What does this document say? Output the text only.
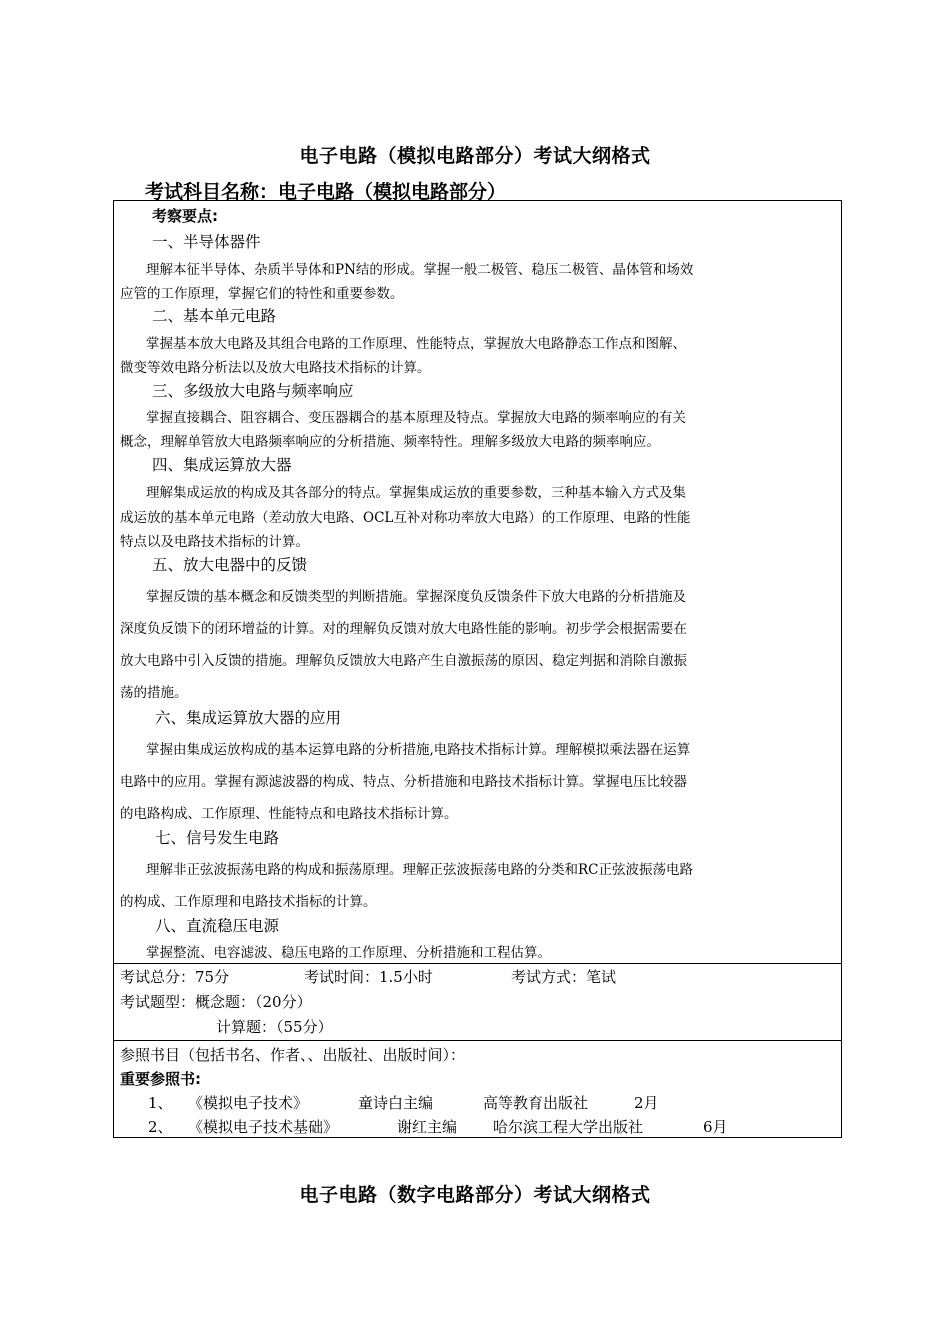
电子电路（模拟电路部分）考试大纲格式
考试科目名称：电子电路（模拟电路部分）
考察要点:
一、半导体器件
理解本征半导体、杂质半导体和PN结的形成。掌握一般二极管、稳压二极管、晶体管和场效
应管的工作原理，掌握它们的特性和重要参数。
二、基本单元电路
掌握基本放大电路及其组合电路的工作原理、性能特点，掌握放大电路静态工作点和图解、
微变等效电路分析法以及放大电路技术指标的计算。
三、多级放大电路与频率响应
掌握直接耦合、阻容耦合、变压器耦合的基本原理及特点。掌握放大电路的频率响应的有关
概念，理解单管放大电路频率响应的分析措施、频率特性。理解多级放大电路的频率响应。
四、集成运算放大器
理解集成运放的构成及其各部分的特点。掌握集成运放的重要参数，三种基本输入方式及集
成运放的基本单元电路（差动放大电路、OCL互补对称功率放大电路）的工作原理、电路的性能
特点以及电路技术指标的计算。
五、放大电器中的反馈
掌握反馈的基本概念和反馈类型的判断措施。掌握深度负反馈条件下放大电路的分析措施及
深度负反馈下的闭环增益的计算。对的理解负反馈对放大电路性能的影响。初步学会根据需要在
放大电路中引入反馈的措施。理解负反馈放大电路产生自激振荡的原因、稳定判据和消除自激振
荡的措施。
六、集成运算放大器的应用
掌握由集成运放构成的基本运算电路的分析措施,电路技术指标计算。理解模拟乘法器在运算
电路中的应用。掌握有源滤波器的构成、特点、分析措施和电路技术指标计算。掌握电压比较器
的电路构成、工作原理、性能特点和电路技术指标计算。
七、信号发生电路
理解非正弦波振荡电路的构成和振荡原理。理解正弦波振荡电路的分类和RC正弦波振荡电路
的构成、工作原理和电路技术指标的计算。
八、直流稳压电源
掌握整流、电容滤波、稳压电路的工作原理、分析措施和工程估算。
考试总分：75分	考试时间：1.5小时	考试方式：笔试
考试题型：概念题：（20分）
计算题：（55分）
参照书目（包括书名、作者、、出版社、出版时间）：
重要参照书:
1、 《模拟电子技术》	童诗白主编	高等教育出版社	2月
2、 《模拟电子技术基础》	谢红主编 哈尔滨工程大学出版社	6月
电子电路（数字电路部分）考试大纲格式
